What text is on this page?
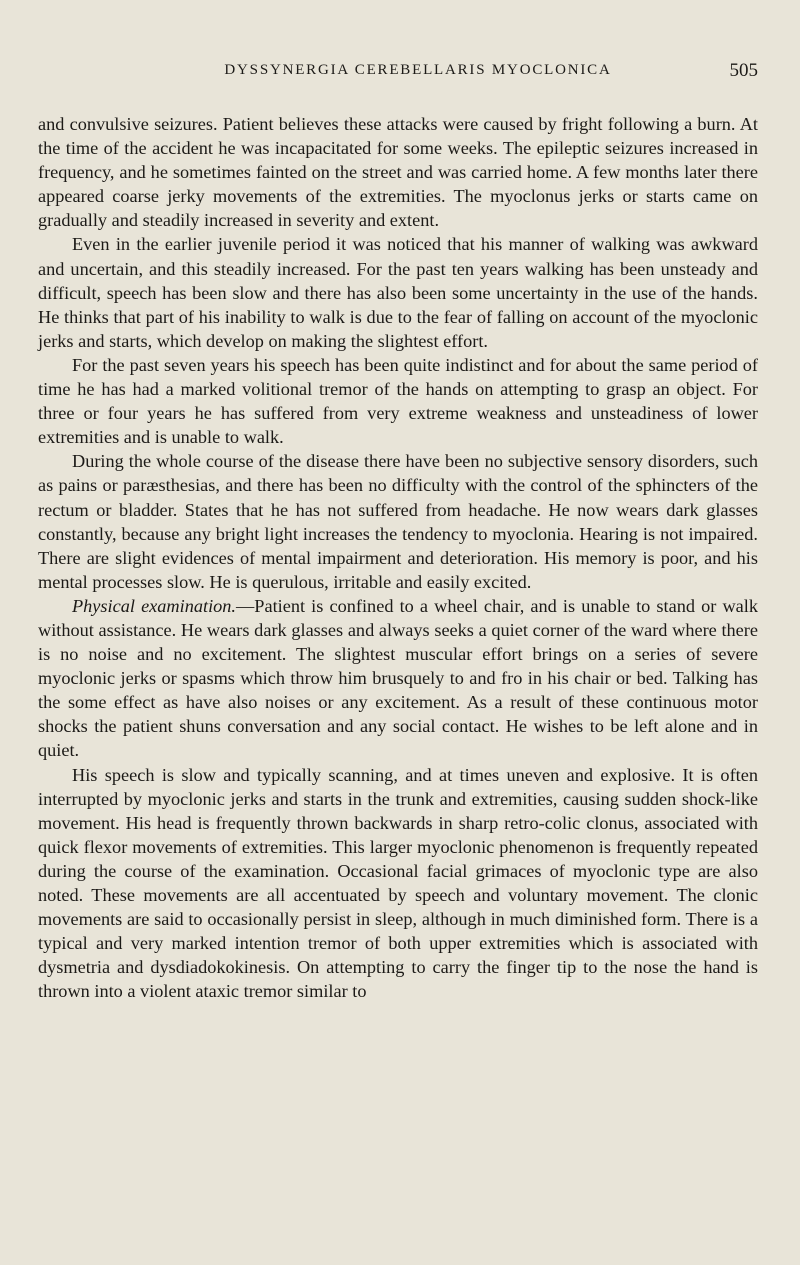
DYSSYNERGIA CEREBELLARIS MYOCLONICA	505

and convulsive seizures. Patient believes these attacks were caused by fright following a burn. At the time of the accident he was incapacitated for some weeks. The epileptic seizures increased in frequency, and he sometimes fainted on the street and was carried home. A few months later there appeared coarse jerky movements of the extremities. The myoclonus jerks or starts came on gradually and steadily increased in severity and extent.

Even in the earlier juvenile period it was noticed that his manner of walking was awkward and uncertain, and this steadily increased. For the past ten years walking has been unsteady and difficult, speech has been slow and there has also been some uncertainty in the use of the hands. He thinks that part of his inability to walk is due to the fear of falling on account of the myoclonic jerks and starts, which develop on making the slightest effort.

For the past seven years his speech has been quite indistinct and for about the same period of time he has had a marked volitional tremor of the hands on attempting to grasp an object. For three or four years he has suffered from very extreme weakness and unsteadiness of lower extremities and is unable to walk.

During the whole course of the disease there have been no subjective sensory disorders, such as pains or parӕsthesias, and there has been no difficulty with the control of the sphincters of the rectum or bladder. States that he has not suffered from headache. He now wears dark glasses constantly, because any bright light increases the tendency to myoclonia. Hearing is not impaired. There are slight evidences of mental impairment and deterioration. His memory is poor, and his mental processes slow. He is querulous, irritable and easily excited.

Physical examination.—Patient is confined to a wheel chair, and is unable to stand or walk without assistance. He wears dark glasses and always seeks a quiet corner of the ward where there is no noise and no excitement. The slightest muscular effort brings on a series of severe myoclonic jerks or spasms which throw him brusquely to and fro in his chair or bed. Talking has the some effect as have also noises or any excitement. As a result of these continuous motor shocks the patient shuns conversation and any social contact. He wishes to be left alone and in quiet.

His speech is slow and typically scanning, and at times uneven and explosive. It is often interrupted by myoclonic jerks and starts in the trunk and extremities, causing sudden shock-like movement. His head is frequently thrown backwards in sharp retro-colic clonus, associated with quick flexor movements of extremities. This larger myoclonic phenomenon is frequently repeated during the course of the examination. Occasional facial grimaces of myoclonic type are also noted. These movements are all accentuated by speech and voluntary movement. The clonic movements are said to occasionally persist in sleep, although in much diminished form. There is a typical and very marked intention tremor of both upper extremities which is associated with dysmetria and dysdiadokokinesis. On attempting to carry the finger tip to the nose the hand is thrown into a violent ataxic tremor similar to
